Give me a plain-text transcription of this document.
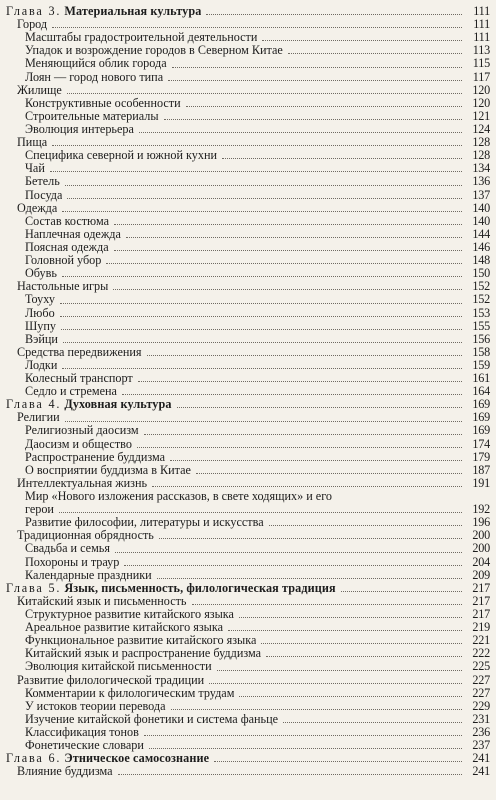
Глава 3. Материальная культура	111
Город	111
Масштабы градостроительной деятельности	111
Упадок и возрождение городов в Северном Китае	113
Меняющийся облик города	115
Лоян — город нового типа	117
Жилище	120
Конструктивные особенности	120
Строительные материалы	121
Эволюция интерьера	124
Пища	128
Специфика северной и южной кухни	128
Чай	134
Бетель	136
Посуда	137
Одежда	140
Состав костюма	140
Наплечная одежда	144
Поясная одежда	146
Головной убор	148
Обувь	150
Настольные игры	152
Тоуху	152
Любо	153
Шупу	155
Вэйци	156
Средства передвижения	158
Лодки	159
Колесный транспорт	161
Седло и стремена	164
Глава 4. Духовная культура	169
Религии	169
Религиозный даосизм	169
Даосизм и общество	174
Распространение буддизма	179
О восприятии буддизма в Китае	187
Интеллектуальная жизнь	191
Мир «Нового изложения рассказов, в свете ходящих» и его
герои	192
Развитие философии, литературы и искусства	196
Традиционная обрядность	200
Свадьба и семья	200
Похороны и траур	204
Календарные праздники	209
Глава 5. Язык, письменность, филологическая традиция	217
Китайский язык и письменность	217
Структурное развитие китайского языка	217
Ареальное развитие китайского языка	219
Функциональное развитие китайского языка	221
Китайский язык и распространение буддизма	222
Эволюция китайской письменности	225
Развитие филологической традиции	227
Комментарии к филологическим трудам	227
У истоков теории перевода	229
Изучение китайской фонетики и система фаньце	231
Классификация тонов	236
Фонетические словари	237
Глава 6. Этническое самосознание	241
Влияние буддизма	241
